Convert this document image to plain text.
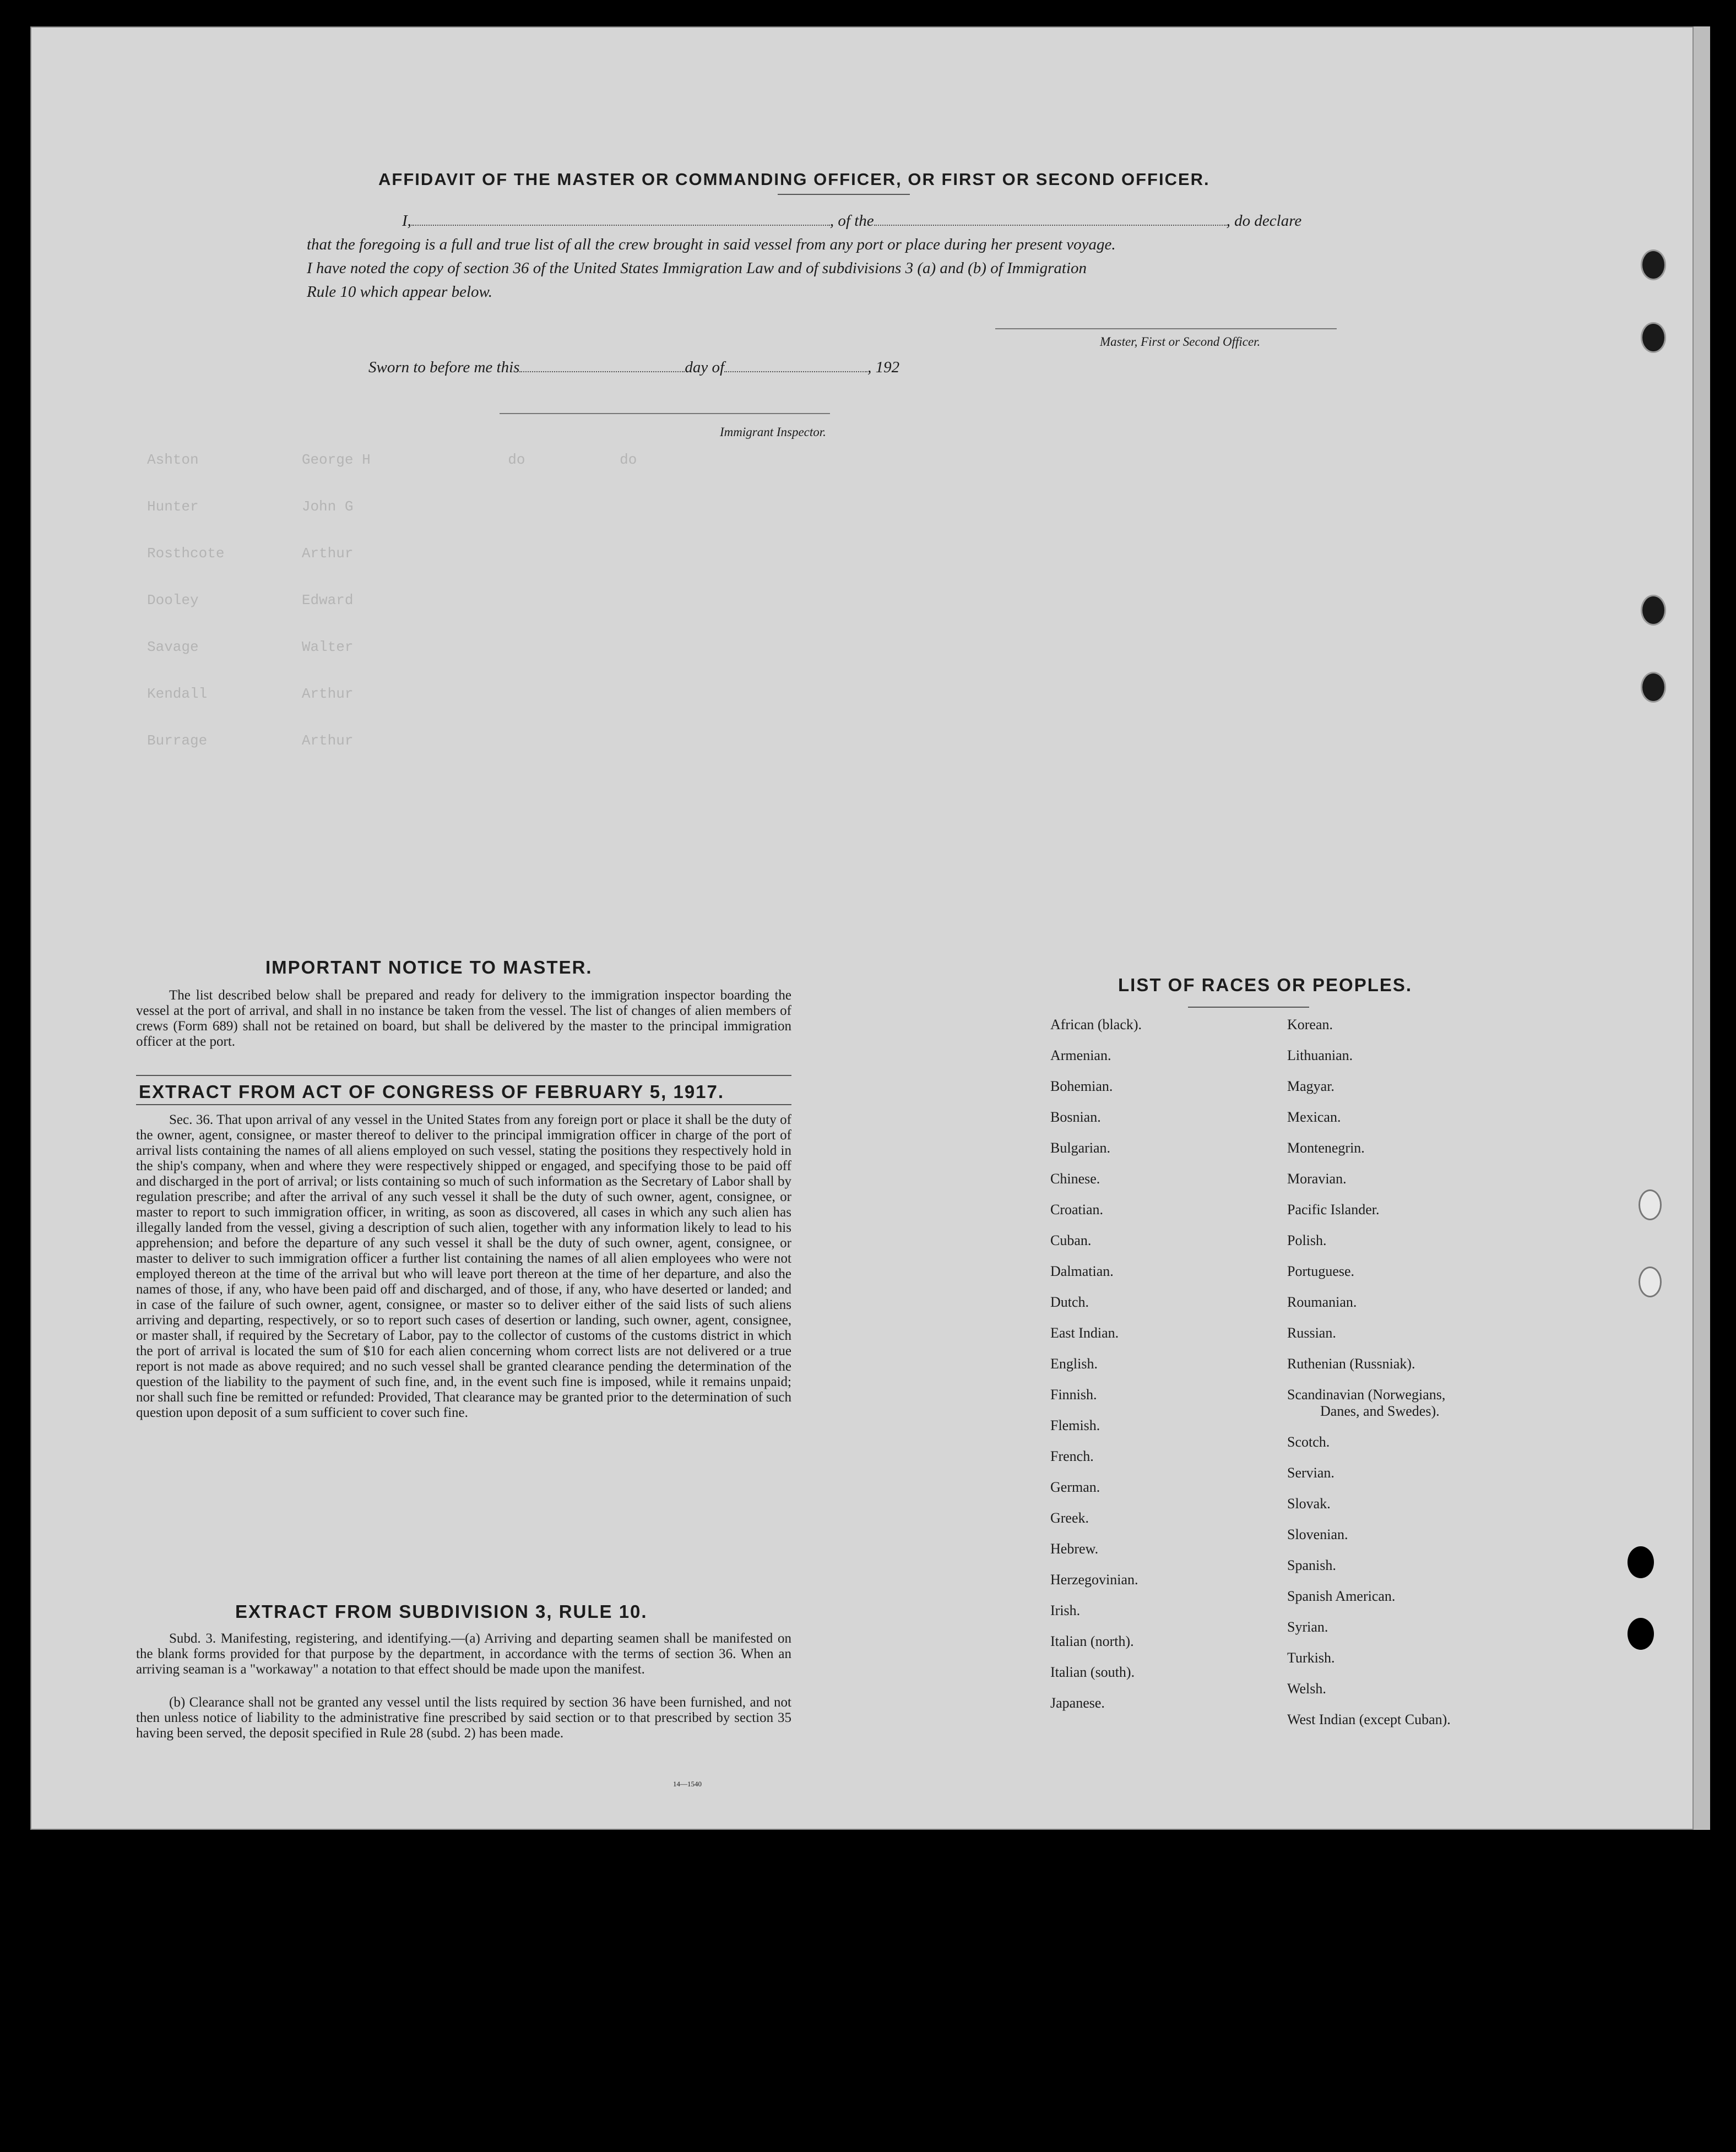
Ashton            George H                do           do
Hunter            John G
Rosthcote         Arthur
Dooley            Edward
Savage            Walter
Kendall           Arthur
Burrage           Arthur
AFFIDAVIT OF THE MASTER OR COMMANDING OFFICER, OR FIRST OR SECOND OFFICER.
I,	, of the	, do declare
that the foregoing is a full and true list of all the crew brought in said vessel from any port or place during her present voyage.
I have noted the copy of section 36 of the United States Immigration Law and of subdivisions 3 (a) and (b) of Immigration
Rule 10 which appear below.
Master, First or Second Officer.
Sworn to before me this	day of	, 192
Immigrant Inspector.
IMPORTANT NOTICE TO MASTER.
The list described below shall be prepared and ready for delivery to the immigration inspector boarding the vessel at the port of arrival, and shall in no instance be taken from the vessel. The list of changes of alien members of crews (Form 689) shall not be retained on board, but shall be delivered by the master to the principal immigration officer at the port.
EXTRACT FROM ACT OF CONGRESS OF FEBRUARY 5, 1917.
Sec. 36. That upon arrival of any vessel in the United States from any foreign port or place it shall be the duty of the owner, agent, consignee, or master thereof to deliver to the principal immigration officer in charge of the port of arrival lists containing the names of all aliens employed on such vessel, stating the positions they respectively hold in the ship's company, when and where they were respectively shipped or engaged, and specifying those to be paid off and discharged in the port of arrival; or lists containing so much of such information as the Secretary of Labor shall by regulation prescribe; and after the arrival of any such vessel it shall be the duty of such owner, agent, consignee, or master to report to such immigration officer, in writing, as soon as discovered, all cases in which any such alien has illegally landed from the vessel, giving a description of such alien, together with any information likely to lead to his apprehension; and before the departure of any such vessel it shall be the duty of such owner, agent, consignee, or master to deliver to such immigration officer a further list containing the names of all alien employees who were not employed thereon at the time of the arrival but who will leave port thereon at the time of her departure, and also the names of those, if any, who have been paid off and discharged, and of those, if any, who have deserted or landed; and in case of the failure of such owner, agent, consignee, or master so to deliver either of the said lists of such aliens arriving and departing, respectively, or so to report such cases of desertion or landing, such owner, agent, consignee, or master shall, if required by the Secretary of Labor, pay to the collector of customs of the customs district in which the port of arrival is located the sum of $10 for each alien concerning whom correct lists are not delivered or a true report is not made as above required; and no such vessel shall be granted clearance pending the determination of the question of the liability to the payment of such fine, and, in the event such fine is imposed, while it remains unpaid; nor shall such fine be remitted or refunded: Provided, That clearance may be granted prior to the determination of such question upon deposit of a sum sufficient to cover such fine.
EXTRACT FROM SUBDIVISION 3, RULE 10.
Subd. 3. Manifesting, registering, and identifying.—(a) Arriving and departing seamen shall be manifested on the blank forms provided for that purpose by the department, in accordance with the terms of section 36. When an arriving seaman is a "workaway" a notation to that effect should be made upon the manifest.
(b) Clearance shall not be granted any vessel until the lists required by section 36 have been furnished, and not then unless notice of liability to the administrative fine prescribed by said section or to that prescribed by section 35 having been served, the deposit specified in Rule 28 (subd. 2) has been made.
14—1540
LIST OF RACES OR PEOPLES.
African (black).
Armenian.
Bohemian.
Bosnian.
Bulgarian.
Chinese.
Croatian.
Cuban.
Dalmatian.
Dutch.
East Indian.
English.
Finnish.
Flemish.
French.
German.
Greek.
Hebrew.
Herzegovinian.
Irish.
Italian (north).
Italian (south).
Japanese.
Korean.
Lithuanian.
Magyar.
Mexican.
Montenegrin.
Moravian.
Pacific Islander.
Polish.
Portuguese.
Roumanian.
Russian.
Ruthenian (Russniak).
Scandinavian (Norwegians,
Danes, and Swedes).
Scotch.
Servian.
Slovak.
Slovenian.
Spanish.
Spanish American.
Syrian.
Turkish.
Welsh.
West Indian (except Cuban).
